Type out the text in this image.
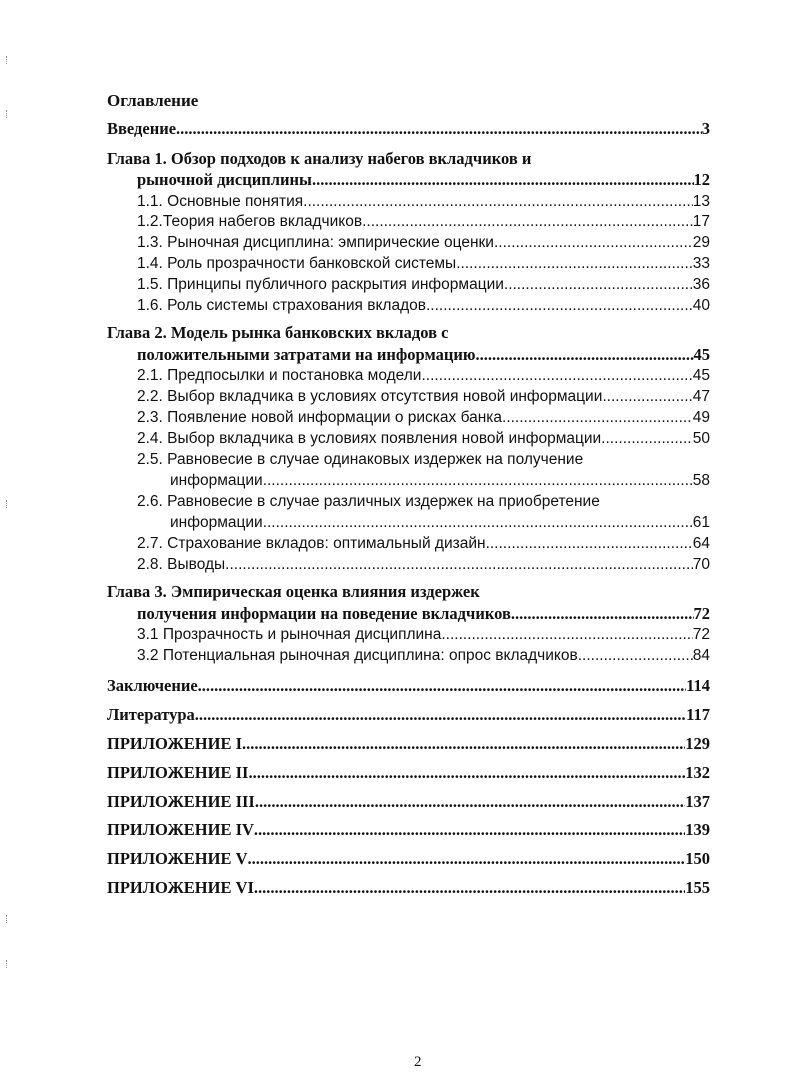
Оглавление
Введение .....	3
Глава 1. Обзор подходов к анализу набегов вкладчиков и
рыночной дисциплины .....	12
1.1. Основные понятия .....	13
1.2.Теория набегов вкладчиков .....	17
1.3. Рыночная дисциплина: эмпирические оценки .....	29
1.4. Роль прозрачности банковской системы .....	33
1.5. Принципы публичного раскрытия информации .....	36
1.6. Роль системы страхования вкладов .....	40
Глава 2. Модель рынка банковских вкладов с
положительными затратами на информацию .....	45
2.1. Предпосылки и постановка модели .....	45
2.2. Выбор вкладчика в условиях отсутствия новой информации .....	47
2.3. Появление новой информации о рисках банка .....	49
2.4. Выбор вкладчика в условиях появления новой информации .....	50
2.5. Равновесие в случае одинаковых издержек на получение
информации .....	58
2.6. Равновесие в случае различных издержек на приобретение
информации .....	61
2.7. Страхование вкладов: оптимальный дизайн .....	64
2.8. Выводы .....	70
Глава 3. Эмпирическая оценка влияния издержек
получения информации на поведение вкладчиков .....	72
3.1 Прозрачность и рыночная дисциплина .....	72
3.2 Потенциальная рыночная дисциплина: опрос вкладчиков .....	84
Заключение .....	114
Литература .....	117
ПРИЛОЖЕНИЕ I .....	129
ПРИЛОЖЕНИЕ II .....	132
ПРИЛОЖЕНИЕ III .....	137
ПРИЛОЖЕНИЕ IV .....	139
ПРИЛОЖЕНИЕ V .....	150
ПРИЛОЖЕНИЕ VI .....	155
2
